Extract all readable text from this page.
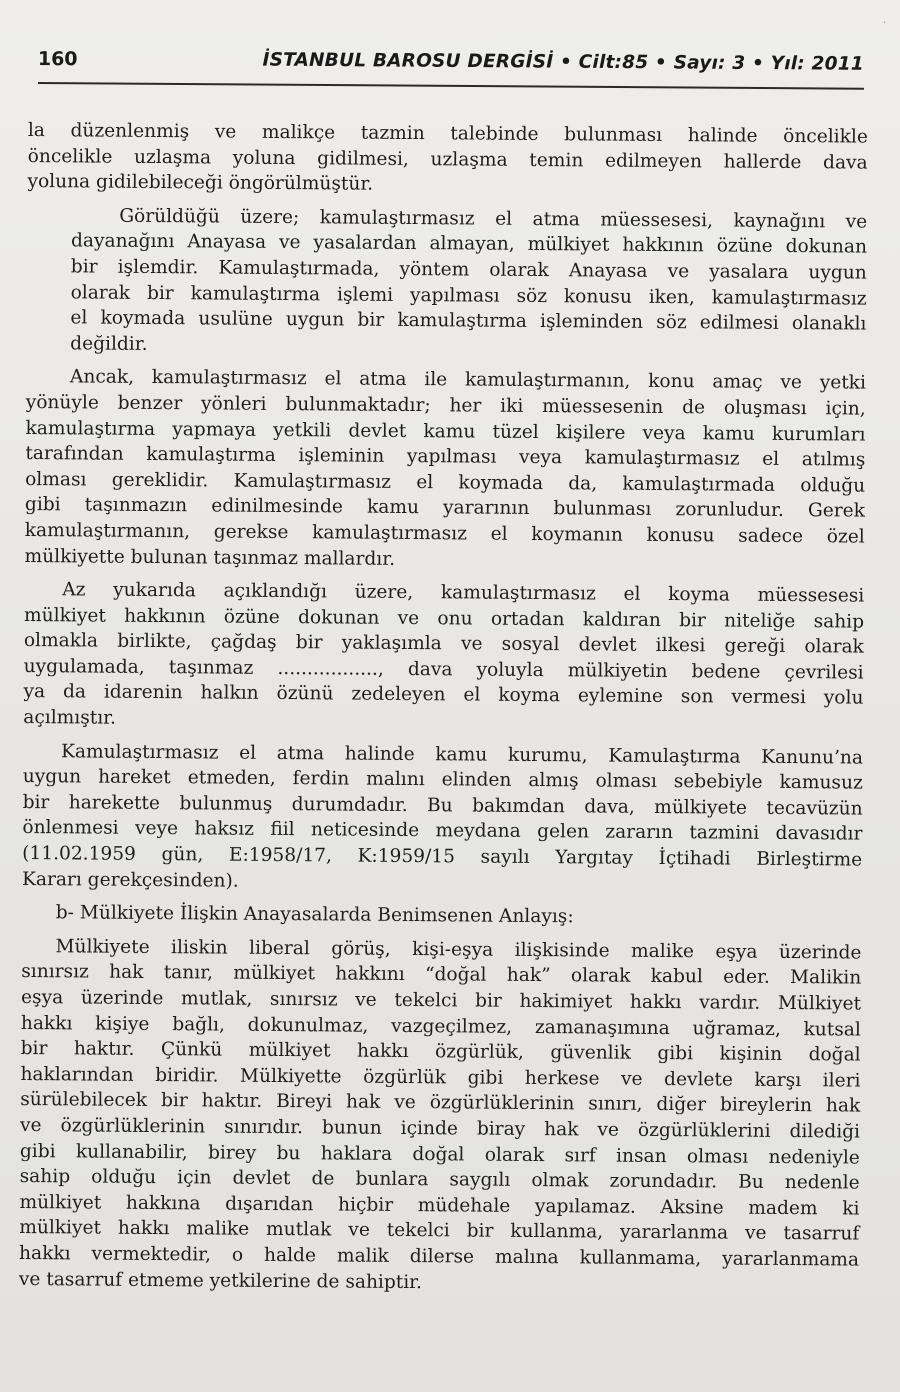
·
160	İSTANBUL BAROSU DERGİSİ • Cilt:85 • Sayı: 3 • Yıl: 2011
la düzenlenmiş ve malikçe tazmin talebinde bulunması halinde öncelikle
öncelikle uzlaşma yoluna gidilmesi, uzlaşma temin edilmeyen hallerde dava
yoluna gidilebileceği öngörülmüştür.
Görüldüğü üzere; kamulaştırmasız el atma müessesesi, kaynağını ve
dayanağını Anayasa ve yasalardan almayan, mülkiyet hakkının özüne dokunan
bir işlemdir. Kamulaştırmada, yöntem olarak Anayasa ve yasalara uygun
olarak bir kamulaştırma işlemi yapılması söz konusu iken, kamulaştırmasız
el koymada usulüne uygun bir kamulaştırma işleminden söz edilmesi olanaklı
değildir.
Ancak, kamulaştırmasız el atma ile kamulaştırmanın, konu amaç ve yetki
yönüyle benzer yönleri bulunmaktadır; her iki müessesenin de oluşması için,
kamulaştırma yapmaya yetkili devlet kamu tüzel kişilere veya kamu kurumları
tarafından kamulaştırma işleminin yapılması veya kamulaştırmasız el atılmış
olması gereklidir. Kamulaştırmasız el koymada da, kamulaştırmada olduğu
gibi taşınmazın edinilmesinde kamu yararının bulunması zorunludur. Gerek
kamulaştırmanın, gerekse kamulaştırmasız el koymanın konusu sadece özel
mülkiyette bulunan taşınmaz mallardır.
Az yukarıda açıklandığı üzere, kamulaştırmasız el koyma müessesesi
mülkiyet hakkının özüne dokunan ve onu ortadan kaldıran bir niteliğe sahip
olmakla birlikte, çağdaş bir yaklaşımla ve sosyal devlet ilkesi gereği olarak
uygulamada, taşınmaz ................., dava yoluyla mülkiyetin bedene çevrilesi
ya da idarenin halkın özünü zedeleyen el koyma eylemine son vermesi yolu
açılmıştır.
Kamulaştırmasız el atma halinde kamu kurumu, Kamulaştırma Kanunu’na
uygun hareket etmeden, ferdin malını elinden almış olması sebebiyle kamusuz
bir harekette bulunmuş durumdadır. Bu bakımdan dava, mülkiyete tecavüzün
önlenmesi veye haksız fiil neticesinde meydana gelen zararın tazmini davasıdır
(11.02.1959 gün, E:1958/17, K:1959/15 sayılı Yargıtay İçtihadi Birleştirme
Kararı gerekçesinden).
b- Mülkiyete İlişkin Anayasalarda Benimsenen Anlayış:
Mülkiyete iliskin liberal görüş, kişi-eşya ilişkisinde malike eşya üzerinde
sınırsız hak tanır, mülkiyet hakkını “doğal hak” olarak kabul eder. Malikin
eşya üzerinde mutlak, sınırsız ve tekelci bir hakimiyet hakkı vardır. Mülkiyet
hakkı kişiye bağlı, dokunulmaz, vazgeçilmez, zamanaşımına uğramaz, kutsal
bir haktır. Çünkü mülkiyet hakkı özgürlük, güvenlik gibi kişinin doğal
haklarından biridir. Mülkiyette özgürlük gibi herkese ve devlete karşı ileri
sürülebilecek bir haktır. Bireyi hak ve özgürlüklerinin sınırı, diğer bireylerin hak
ve özgürlüklerinin sınırıdır. bunun içinde biray hak ve özgürlüklerini dilediği
gibi kullanabilir, birey bu haklara doğal olarak sırf insan olması nedeniyle
sahip olduğu için devlet de bunlara saygılı olmak zorundadır. Bu nedenle
mülkiyet hakkına dışarıdan hiçbir müdehale yapılamaz. Aksine madem ki
mülkiyet hakkı malike mutlak ve tekelci bir kullanma, yararlanma ve tasarruf
hakkı vermektedir, o halde malik dilerse malına kullanmama, yararlanmama
ve tasarruf etmeme yetkilerine de sahiptir.
